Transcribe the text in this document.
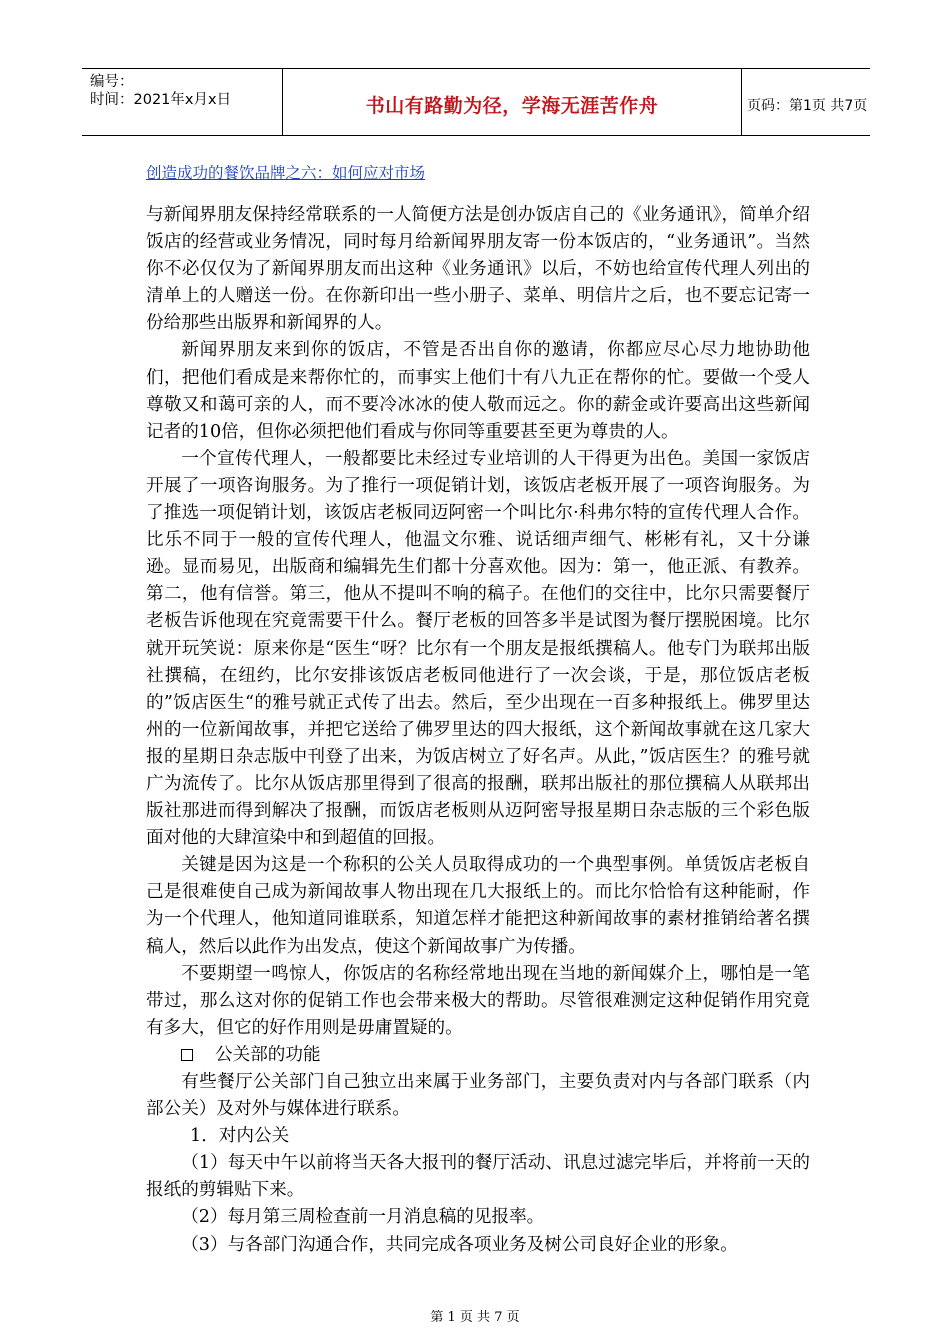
编号：
时间：2021年x月x日	书山有路勤为径，学海无涯苦作舟	页码：第1页 共7页
创造成功的餐饮品牌之六：如何应对市场

与新闻界朋友保持经常联系的一人简便方法是创办饭店自己的《业务通讯》，简单介绍饭店的经营或业务情况，同时每月给新闻界朋友寄一份本饭店的，“业务通讯”。当然你不必仅仅为了新闻界朋友而出这种《业务通讯》以后，不妨也给宣传代理人列出的清单上的人赠送一份。在你新印出一些小册子、菜单、明信片之后，也不要忘记寄一份给那些出版界和新闻界的人。

新闻界朋友来到你的饭店，不管是否出自你的邀请，你都应尽心尽力地协助他们，把他们看成是来帮你忙的，而事实上他们十有八九正在帮你的忙。要做一个受人尊敬又和蔼可亲的人，而不要冷冰冰的使人敬而远之。你的薪金或许要高出这些新闻记者的10倍，但你必须把他们看成与你同等重要甚至更为尊贵的人。

一个宣传代理人，一般都要比未经过专业培训的人干得更为出色。美国一家饭店开展了一项咨询服务。为了推行一项促销计划，该饭店老板开展了一项咨询服务。为了推选一项促销计划，该饭店老板同迈阿密一个叫比尔·科弗尔特的宣传代理人合作。比乐不同于一般的宣传代理人，他温文尔雅、说话细声细气、彬彬有礼，又十分谦逊。显而易见，出版商和编辑先生们都十分喜欢他。因为：第一，他正派、有教养。第二，他有信誉。第三，他从不提叫不响的稿子。在他们的交往中，比尔只需要餐厅老板告诉他现在究竟需要干什么。餐厅老板的回答多半是试图为餐厅摆脱困境。比尔就开玩笑说：原来你是“医生“呀？比尔有一个朋友是报纸撰稿人。他专门为联邦出版社撰稿，在纽约，比尔安排该饭店老板同他进行了一次会谈，于是，那位饭店老板的”饭店医生“的雅号就正式传了出去。然后，至少出现在一百多种报纸上。佛罗里达州的一位新闻故事，并把它送给了佛罗里达的四大报纸，这个新闻故事就在这几家大报的星期日杂志版中刊登了出来，为饭店树立了好名声。从此，”饭店医生？的雅号就广为流传了。比尔从饭店那里得到了很高的报酬，联邦出版社的那位撰稿人从联邦出版社那进而得到解决了报酬，而饭店老板则从迈阿密导报星期日杂志版的三个彩色版面对他的大肆渲染中和到超值的回报。

关键是因为这是一个称积的公关人员取得成功的一个典型事例。单赁饭店老板自己是很难使自己成为新闻故事人物出现在几大报纸上的。而比尔恰恰有这种能耐，作为一个代理人，他知道同谁联系，知道怎样才能把这种新闻故事的素材推销给著名撰稿人，然后以此作为出发点，使这个新闻故事广为传播。

不要期望一鸣惊人，你饭店的名称经常地出现在当地的新闻媒介上，哪怕是一笔带过，那么这对你的促销工作也会带来极大的帮助。尽管很难测定这种促销作用究竟有多大，但它的好作用则是毋庸置疑的。

公关部的功能

有些餐厅公关部门自己独立出来属于业务部门，主要负责对内与各部门联系（内部公关）及对外与媒体进行联系。

1．对内公关

（1）每天中午以前将当天各大报刊的餐厅活动、讯息过滤完毕后，并将前一天的报纸的剪辑贴下来。

（2）每月第三周检查前一月消息稿的见报率。

（3）与各部门沟通合作，共同完成各项业务及树公司良好企业的形象。

第 1 页 共 7 页
